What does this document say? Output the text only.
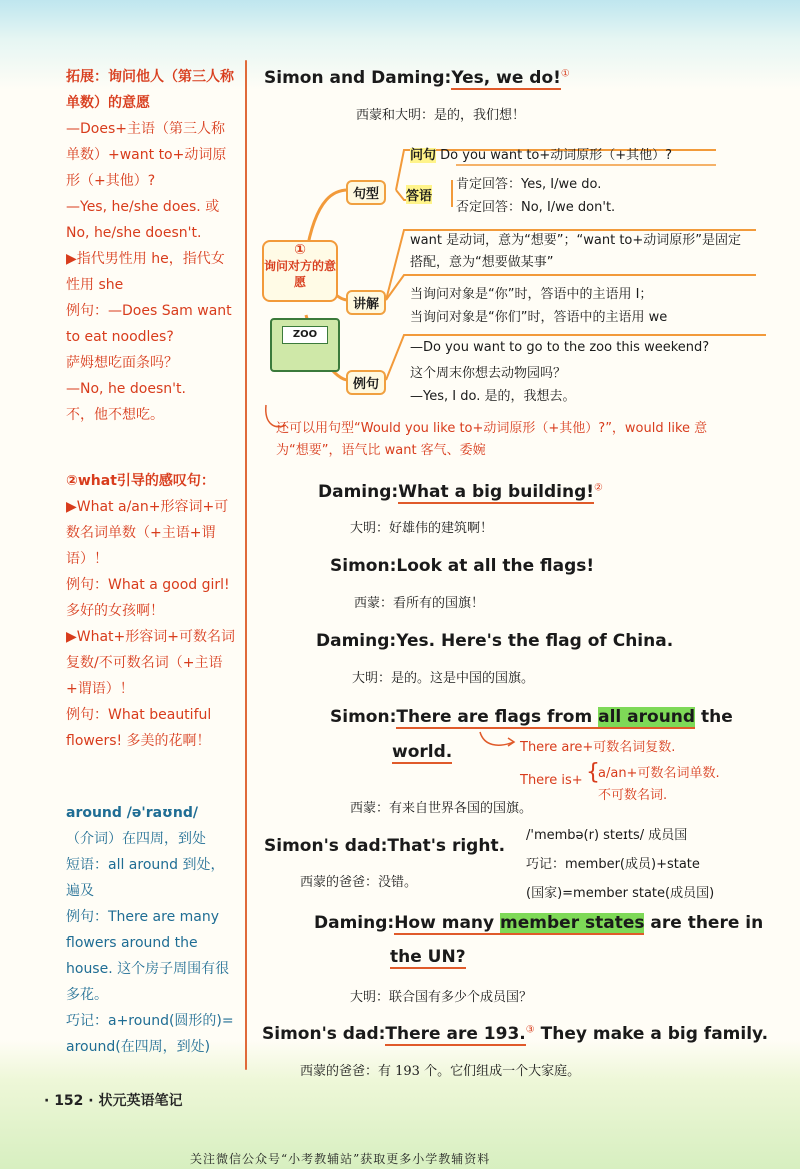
拓展：询问他人（第三人称单数）的意愿
—Does+主语（第三人称单数）+want to+动词原形（+其他）?
—Yes, he/she does. 或No, he/she doesn't.
▶指代男性用 he，指代女性用 she
例句：—Does Sam want to eat noodles?
萨姆想吃面条吗？
—No, he doesn't.
不，他不想吃。
②what引导的感叹句：
▶What a/an+形容词+可数名词单数（+主语+谓语）！
例句：What a good girl! 多好的女孩啊！
▶What+形容词+可数名词复数/不可数名词（+主语+谓语）！
例句：What beautiful flowers! 多美的花啊！
around /ə'raʊnd/
（介词）在四周，到处
短语：all around 到处，遍及
例句：There are many flowers around the house. 这个房子周围有很多花。
巧记：a+round(圆形的)= around(在四周，到处)
Simon and Daming:Yes, we do!①
西蒙和大明：是的，我们想！
①
询问对方的意愿
ZOO
句型
讲解
例句
问句 Do you want to+动词原形（+其他）?
答语
肯定回答：Yes, I/we do.
否定回答：No, I/we don't.
want 是动词，意为“想要”；“want to+动词原形”是固定搭配，意为“想要做某事”
当询问对象是“你”时，答语中的主语用 I；
当询问对象是“你们”时，答语中的主语用 we
—Do you want to go to the zoo this weekend?
这个周末你想去动物园吗？
—Yes, I do. 是的，我想去。
还可以用句型“Would you like to+动词原形（+其他）?”，would like 意为“想要”，语气比 want 客气、委婉
Daming:What a big building!②
大明：好雄伟的建筑啊！
Simon:Look at all the flags!
西蒙：看所有的国旗！
Daming:Yes. Here's the flag of China.
大明：是的。这是中国的国旗。
Simon:There are flags from all around the
world.	There are+可数名词复数.
There is+ {
a/an+可数名词单数.
不可数名词.
西蒙：有来自世界各国的国旗。
Simon's dad:That's right.
西蒙的爸爸：没错。
/'membə(r) steɪts/ 成员国
巧记：member(成员)+state
(国家)=member state(成员国)
Daming:How many member states are there in
the UN?
大明：联合国有多少个成员国？
Simon's dad:There are 193.③ They make a big family.
西蒙的爸爸：有 193 个。它们组成一个大家庭。
· 152 · 状元英语笔记
关注微信公众号“小考教辅站”获取更多小学教辅资料
